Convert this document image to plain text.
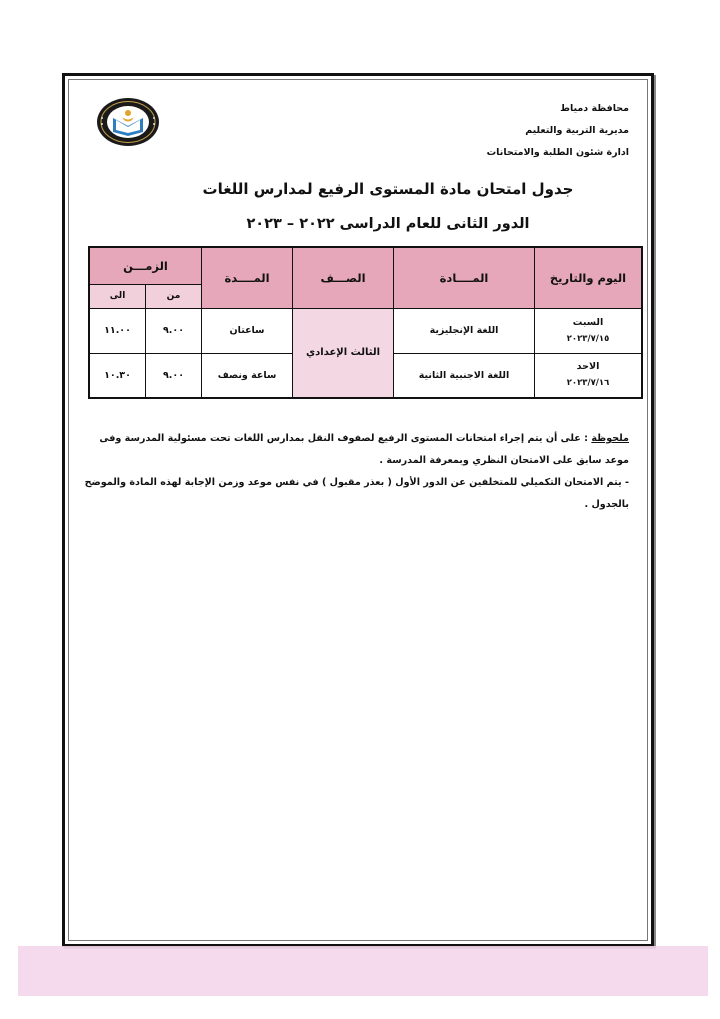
محافظة دمياط
مديرية التربية والتعليم
ادارة شئون الطلبة والامتحانات
جدول امتحان مادة المستوى الرفيع لمدارس اللغات
الدور الثانى للعام الدراسى ٢٠٢٢ – ٢٠٢٣
اليوم والتاريخ	المــــادة	الصـــف	المــــدة	الزمـــن	
				من	الى

السبت
٢٠٢٣/٧/١٥	اللغة الإنجليزية	الثالث الإعدادي	ساعتان	٩.٠٠	١١.٠٠

الاحد
٢٠٢٣/٧/١٦	اللغة الاجنبية الثانية		ساعة ونصف	٩.٠٠	١٠.٣٠
ملحوظة : على أن يتم إجراء امتحانات المستوى الرفيع لصفوف النقل بمدارس اللغات تحت مسئولية المدرسة وفى موعد سابق على الامتحان النظري وبمعرفة المدرسة .
- يتم الامتحان التكميلي للمتخلفين عن الدور الأول ( بعذر مقبول ) في نفس موعد وزمن الإجابة لهذه المادة والموضح بالجدول .
